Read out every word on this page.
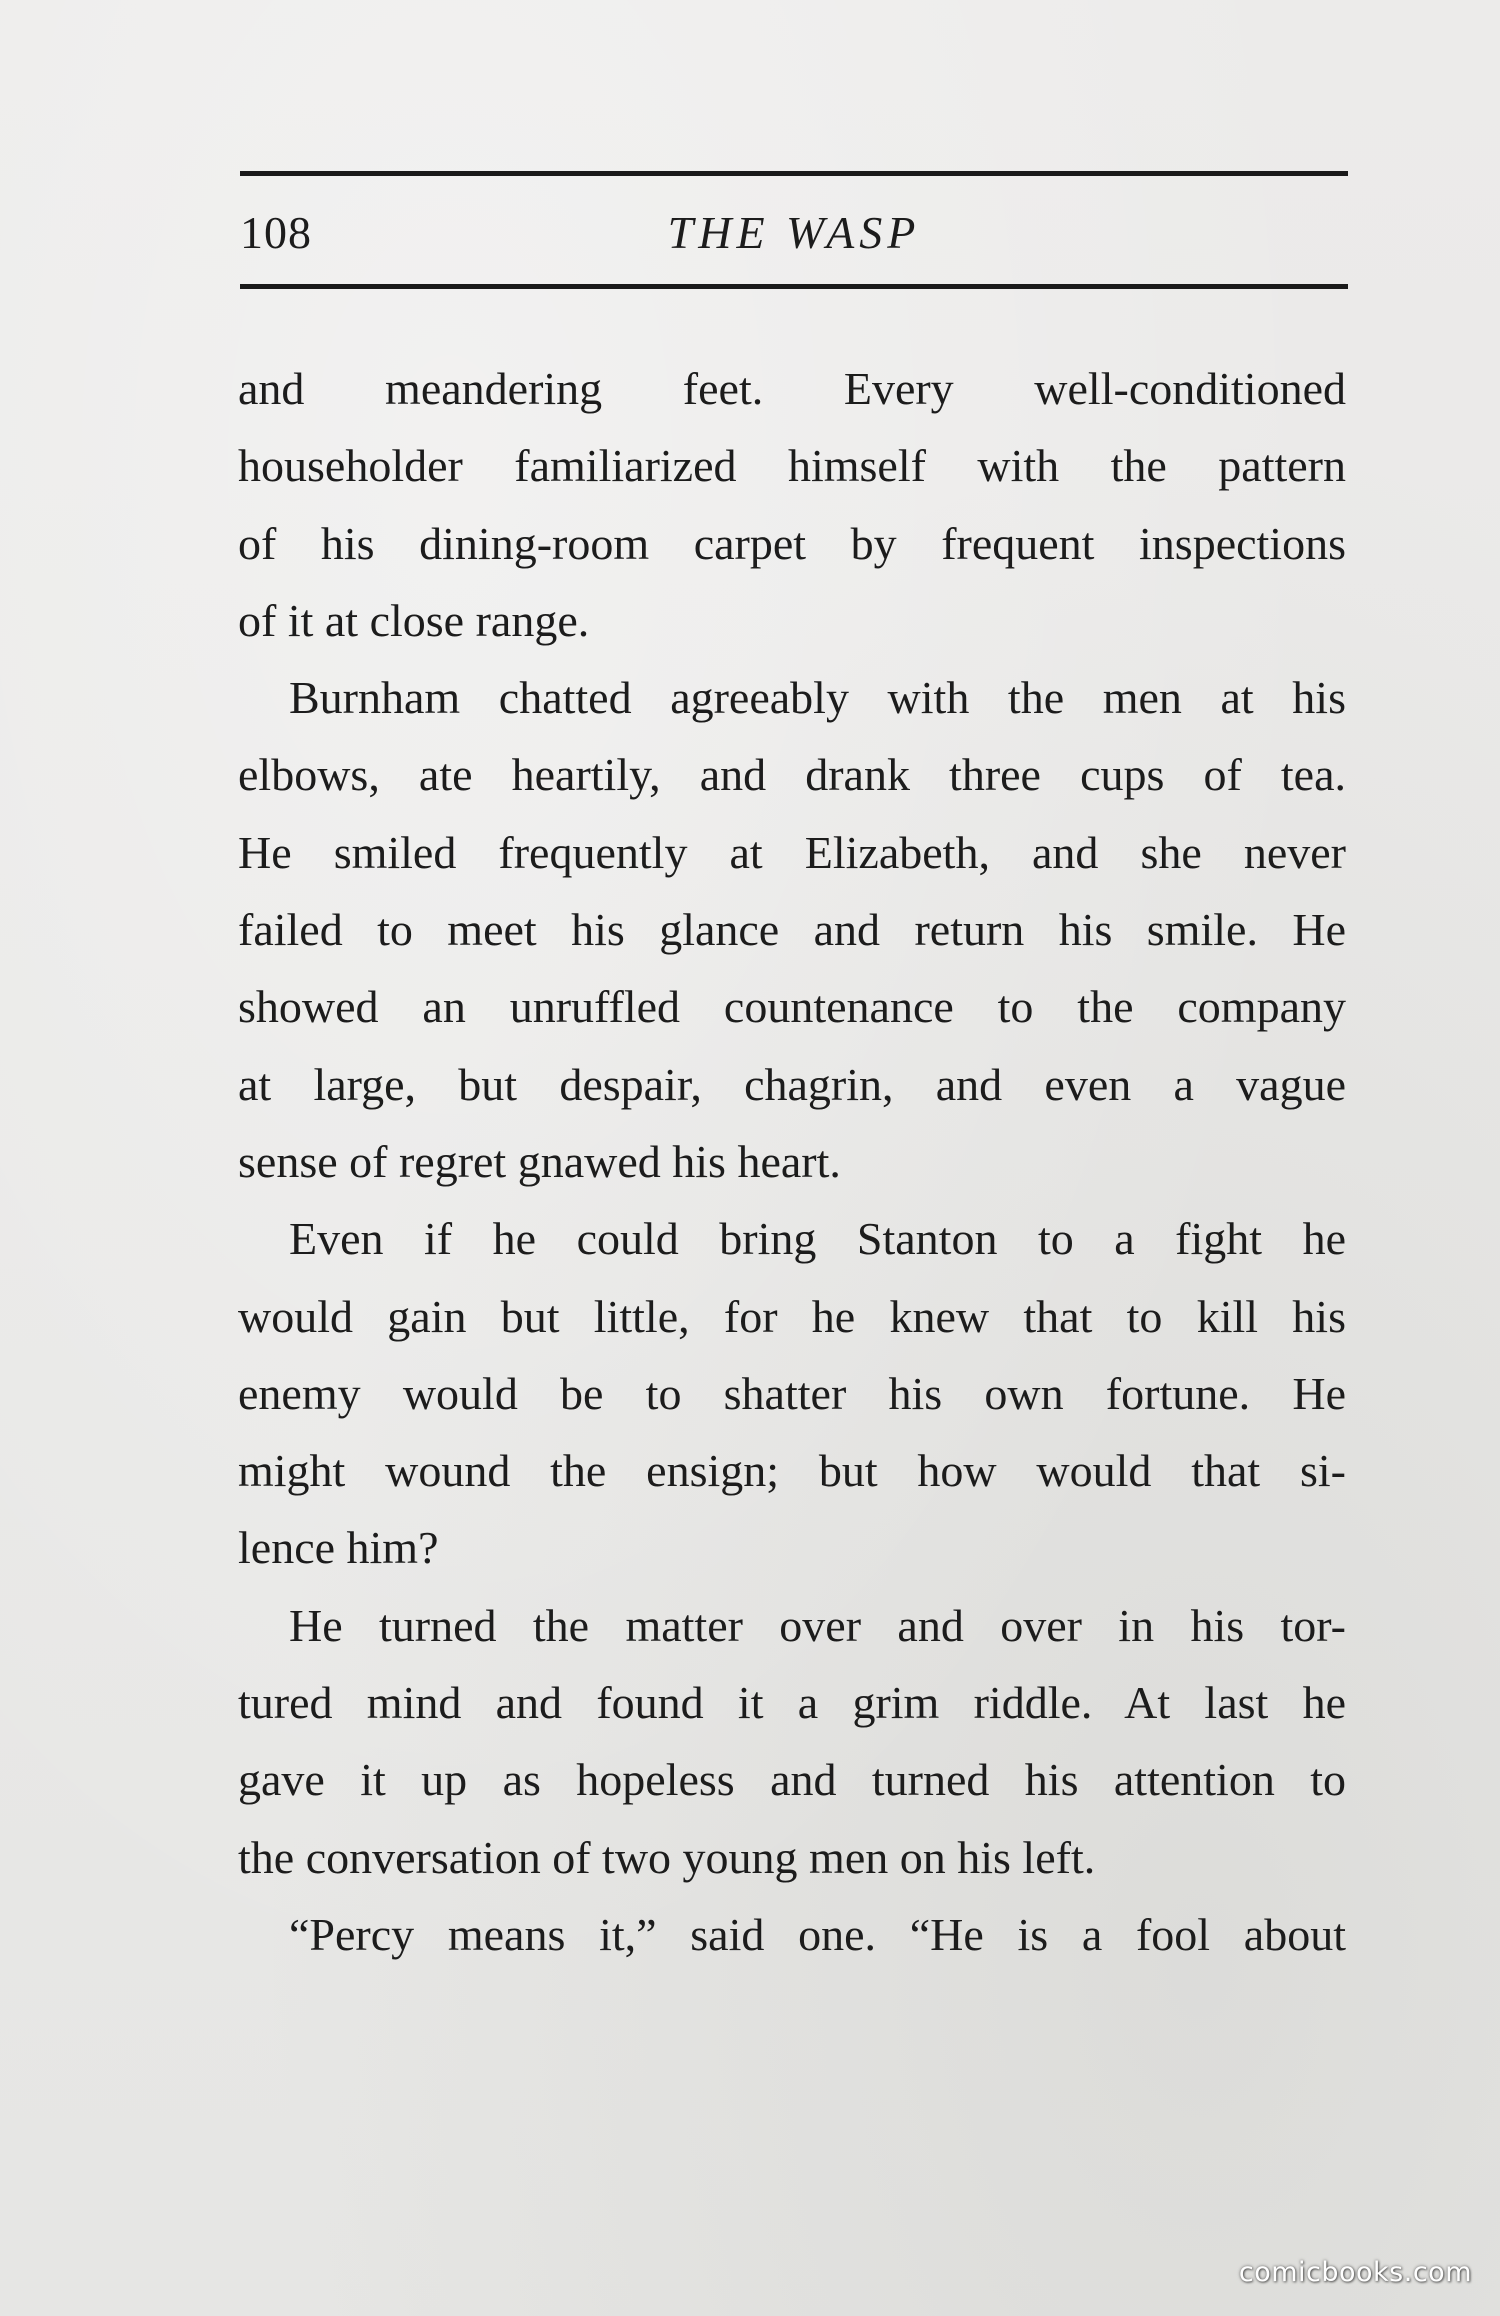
108	THE WASP

and meandering feet. Every well-conditioned
householder familiarized himself with the pattern
of his dining-room carpet by frequent inspections
of it at close range.

Burnham chatted agreeably with the men at his
elbows, ate heartily, and drank three cups of tea.
He smiled frequently at Elizabeth, and she never
failed to meet his glance and return his smile. He
showed an unruffled countenance to the company
at large, but despair, chagrin, and even a vague
sense of regret gnawed his heart.

Even if he could bring Stanton to a fight he
would gain but little, for he knew that to kill his
enemy would be to shatter his own fortune. He
might wound the ensign; but how would that si-
lence him?

He turned the matter over and over in his tor-
tured mind and found it a grim riddle. At last he
gave it up as hopeless and turned his attention to
the conversation of two young men on his left.

“Percy means it,” said one. “He is a fool about

comicbooks.com
